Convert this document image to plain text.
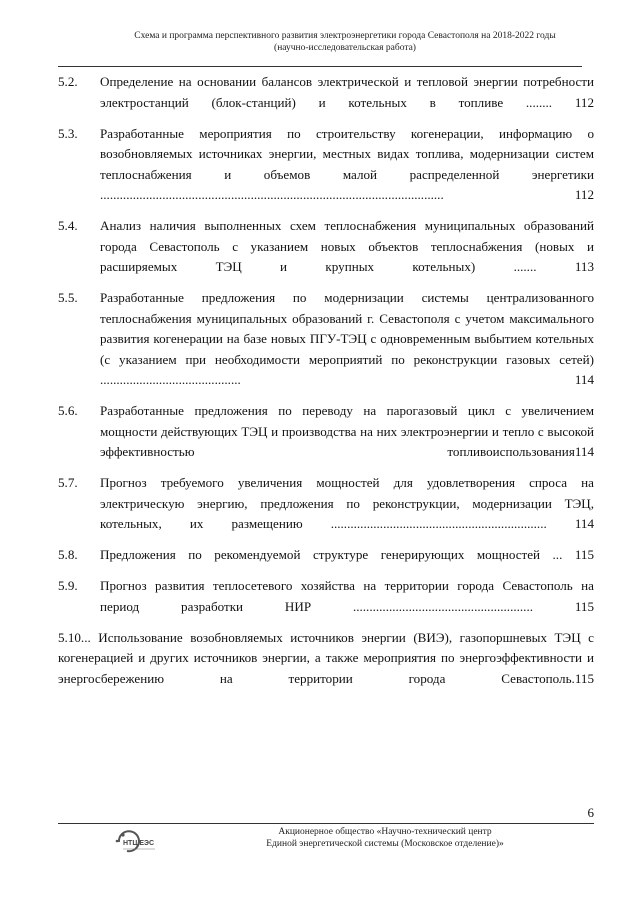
Схема и программа перспективного развития электроэнергетики города Севастополя на 2018-2022 годы
(научно-исследовательская работа)
5.2. Определение на основании балансов электрической и тепловой энергии потребности электростанций (блок-станций) и котельных в топливе ........ 112
5.3. Разработанные мероприятия по строительству когенерации, информацию о возобновляемых источниках энергии, местных видах топлива, модернизации систем теплоснабжения и объемов малой распределенной энергетики ......................................................................................................... 112
5.4. Анализ наличия выполненных схем теплоснабжения муниципальных образований города Севастополь с указанием новых объектов теплоснабжения (новых и расширяемых ТЭЦ и крупных котельных) ....... 113
5.5. Разработанные предложения по модернизации системы централизованного теплоснабжения муниципальных образований г. Севастополя с учетом максимального развития когенерации на базе новых ПГУ-ТЭЦ с одновременным выбытием котельных (с указанием при необходимости мероприятий по реконструкции газовых сетей) ........................................... 114
5.6. Разработанные предложения по переводу на парогазовый цикл с увеличением мощности действующих ТЭЦ и производства на них электроэнергии и тепло с высокой эффективностью топливоиспользования114
5.7. Прогноз требуемого увеличения мощностей для удовлетворения спроса на электрическую энергию, предложения по реконструкции, модернизации ТЭЦ, котельных, их размещению .................................................................. 114
5.8. Предложения по рекомендуемой структуре генерирующих мощностей ... 115
5.9. Прогноз развития теплосетевого хозяйства на территории города Севастополь на период разработки НИР ....................................................... 115
5.10... Использование возобновляемых источников энергии (ВИЭ), газопоршневых ТЭЦ с когенерацией и других источников энергии, а также мероприятия по энергоэффективности и энергосбережению на территории города Севастополь.115
6
НТЦ ЕЭС
Акционерное общество «Научно-технический центр
Единой энергетической системы (Московское отделение)»
